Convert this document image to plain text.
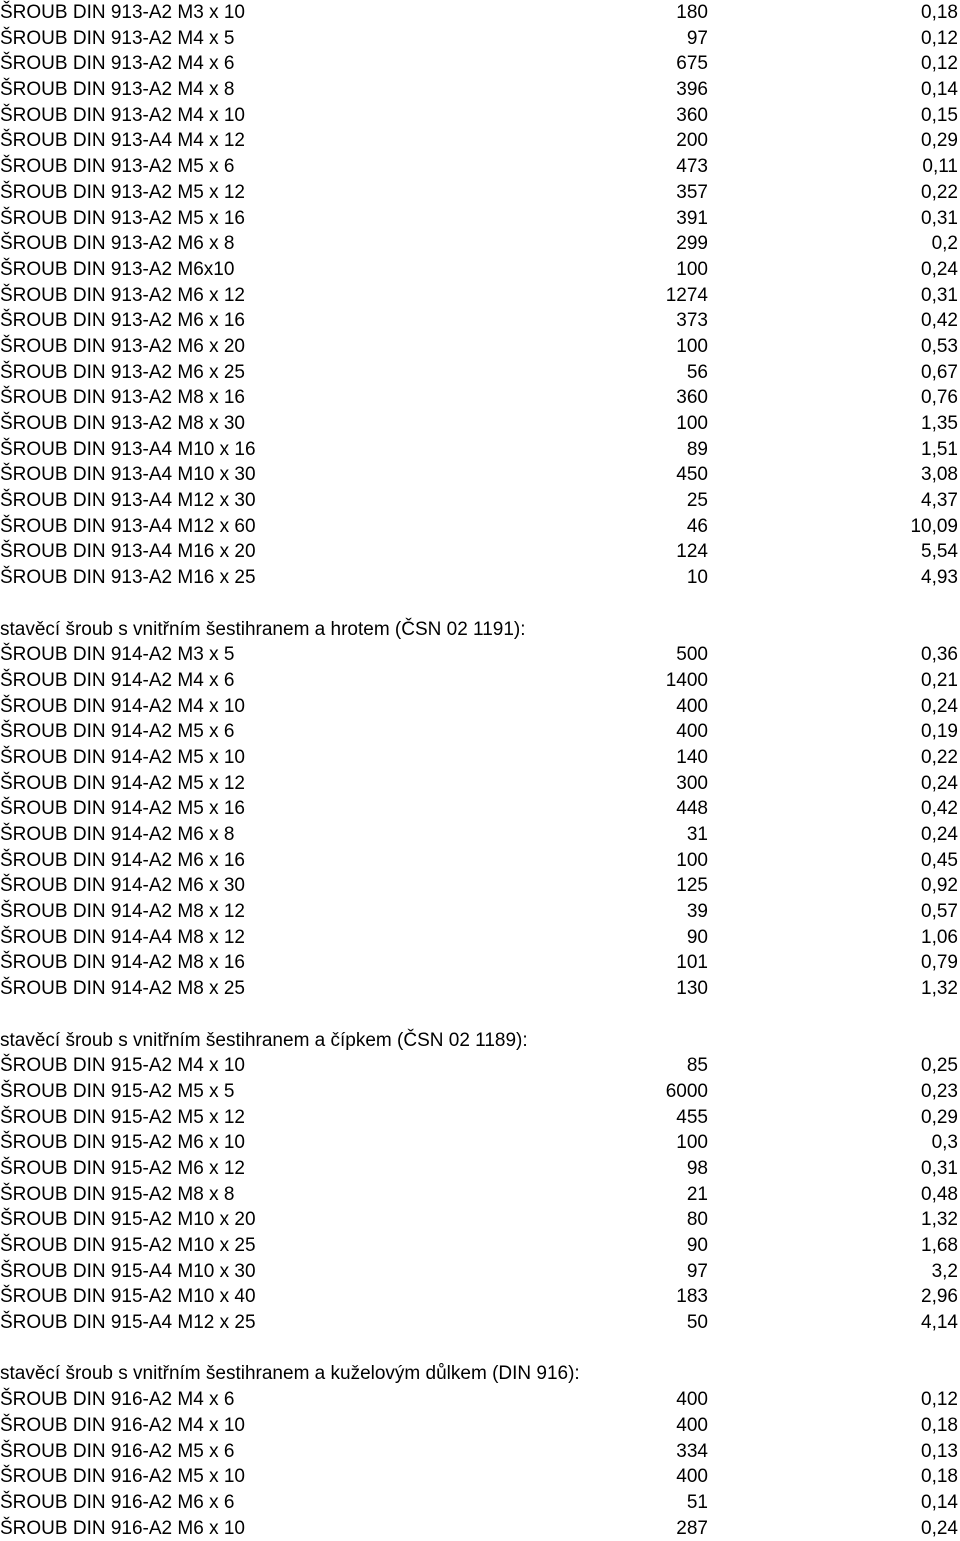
ŠROUB DIN 913-A2 M3 x 10	180	0,18
ŠROUB DIN 913-A2 M4 x 5	97	0,12
ŠROUB DIN 913-A2 M4 x 6	675	0,12
ŠROUB DIN 913-A2 M4 x 8	396	0,14
ŠROUB DIN 913-A2 M4 x 10	360	0,15
ŠROUB DIN 913-A4 M4 x 12	200	0,29
ŠROUB DIN 913-A2 M5 x 6	473	0,11
ŠROUB DIN 913-A2 M5 x 12	357	0,22
ŠROUB DIN 913-A2 M5 x 16	391	0,31
ŠROUB DIN 913-A2 M6 x 8	299	0,2
ŠROUB DIN 913-A2 M6x10	100	0,24
ŠROUB DIN 913-A2 M6 x 12	1274	0,31
ŠROUB DIN 913-A2 M6 x 16	373	0,42
ŠROUB DIN 913-A2 M6 x 20	100	0,53
ŠROUB DIN 913-A2 M6 x 25	56	0,67
ŠROUB DIN 913-A2 M8 x 16	360	0,76
ŠROUB DIN 913-A2 M8 x 30	100	1,35
ŠROUB DIN 913-A4 M10 x 16	89	1,51
ŠROUB DIN 913-A4 M10 x 30	450	3,08
ŠROUB DIN 913-A4 M12 x 30	25	4,37
ŠROUB DIN 913-A4 M12 x 60	46	10,09
ŠROUB DIN 913-A4 M16 x 20	124	5,54
ŠROUB DIN 913-A2 M16 x 25	10	4,93
stavěcí šroub s vnitřním šestihranem a hrotem (ČSN 02 1191):
ŠROUB DIN 914-A2 M3 x 5	500	0,36
ŠROUB DIN 914-A2 M4 x 6	1400	0,21
ŠROUB DIN 914-A2 M4 x 10	400	0,24
ŠROUB DIN 914-A2 M5 x 6	400	0,19
ŠROUB DIN 914-A2 M5 x 10	140	0,22
ŠROUB DIN 914-A2 M5 x 12	300	0,24
ŠROUB DIN 914-A2 M5 x 16	448	0,42
ŠROUB DIN 914-A2 M6 x 8	31	0,24
ŠROUB DIN 914-A2 M6 x 16	100	0,45
ŠROUB DIN 914-A2 M6 x 30	125	0,92
ŠROUB DIN 914-A2 M8 x 12	39	0,57
ŠROUB DIN 914-A4 M8 x 12	90	1,06
ŠROUB DIN 914-A2 M8 x 16	101	0,79
ŠROUB DIN 914-A2 M8 x 25	130	1,32
stavěcí šroub s vnitřním šestihranem a čípkem (ČSN 02 1189):
ŠROUB DIN 915-A2 M4 x 10	85	0,25
ŠROUB DIN 915-A2 M5 x 5	6000	0,23
ŠROUB DIN 915-A2 M5 x 12	455	0,29
ŠROUB DIN 915-A2 M6 x 10	100	0,3
ŠROUB DIN 915-A2 M6 x 12	98	0,31
ŠROUB DIN 915-A2 M8 x 8	21	0,48
ŠROUB DIN 915-A2 M10 x 20	80	1,32
ŠROUB DIN 915-A2 M10 x 25	90	1,68
ŠROUB DIN 915-A4 M10 x 30	97	3,2
ŠROUB DIN 915-A2 M10 x 40	183	2,96
ŠROUB DIN 915-A4 M12 x 25	50	4,14
stavěcí šroub s vnitřním šestihranem a kuželovým důlkem (DIN 916):
ŠROUB DIN 916-A2 M4 x 6	400	0,12
ŠROUB DIN 916-A2 M4 x 10	400	0,18
ŠROUB DIN 916-A2 M5 x 6	334	0,13
ŠROUB DIN 916-A2 M5 x 10	400	0,18
ŠROUB DIN 916-A2 M6 x 6	51	0,14
ŠROUB DIN 916-A2 M6 x 10	287	0,24
